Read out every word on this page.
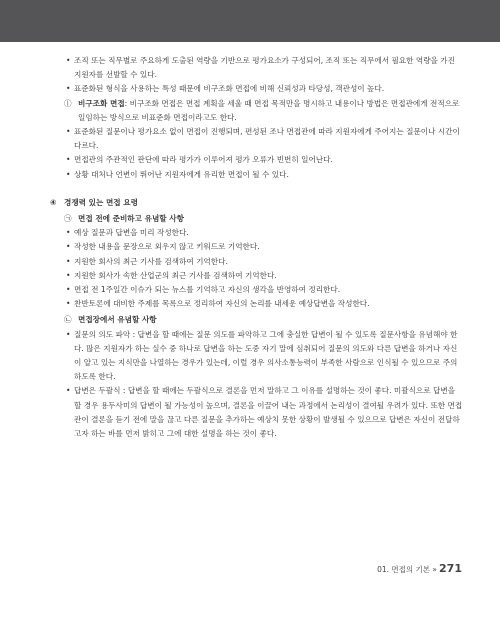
• 조직 또는 직무별로 주요하게 도출된 역량을 기반으로 평가요소가 구성되어, 조직 또는 직무에서 필요한 역량을 가진 지원자를 선발할 수 있다.

• 표준화된 형식을 사용하는 특성 때문에 비구조화 면접에 비해 신뢰성과 타당성, 객관성이 높다.

ⓛ 비구조화 면접: 비구조화 면접은 면접 계획을 세울 때 면접 목적만을 명시하고 내용이나 방법은 면접관에게 전적으로 일임하는 방식으로 비표준화 면접이라고도 한다.

• 표준화된 질문이나 평가요소 없이 면접이 진행되며, 편성된 조나 면접관에 따라 지원자에게 주어지는 질문이나 시간이 다르다.

• 면접관의 주관적인 판단에 따라 평가가 이루어져 평가 오류가 빈번히 일어난다.

• 상황 대처나 언변이 뛰어난 지원자에게 유리한 면접이 될 수 있다.

④ 경쟁력 있는 면접 요령

㉠ 면접 전에 준비하고 유념할 사항

• 예상 질문과 답변을 미리 작성한다.

• 작성한 내용을 문장으로 외우지 않고 키워드로 기억한다.

• 지원한 회사의 최근 기사를 검색하여 기억한다.

• 지원한 회사가 속한 산업군의 최근 기사를 검색하여 기억한다.

• 면접 전 1주일간 이슈가 되는 뉴스를 기억하고 자신의 생각을 반영하여 정리한다.

• 찬반토론에 대비한 주제를 목록으로 정리하여 자신의 논리를 내세운 예상답변을 작성한다.

㉡ 면접장에서 유념할 사항

• 질문의 의도 파악 : 답변을 할 때에는 질문 의도를 파악하고 그에 충실한 답변이 될 수 있도록 질문사항을 유념해야 한다. 많은 지원자가 하는 실수 중 하나로 답변을 하는 도중 자기 말에 심취되어 질문의 의도와 다른 답변을 하거나 자신이 알고 있는 지식만을 나열하는 경우가 있는데, 이럴 경우 의사소통능력이 부족한 사람으로 인식될 수 있으므로 주의하도록 한다.

• 답변은 두괄식 : 답변을 할 때에는 두괄식으로 결론을 먼저 말하고 그 이유를 설명하는 것이 좋다. 미괄식으로 답변을 할 경우 용두사미의 답변이 될 가능성이 높으며, 결론을 이끌어 내는 과정에서 논리성이 결여될 우려가 있다. 또한 면접관이 결론을 듣기 전에 말을 끊고 다른 질문을 추가하는 예상치 못한 상황이 발생될 수 있으므로 답변은 자신이 전달하고자 하는 바를 먼저 밝히고 그에 대한 설명을 하는 것이 좋다.

01. 면접의 기본 » 271
